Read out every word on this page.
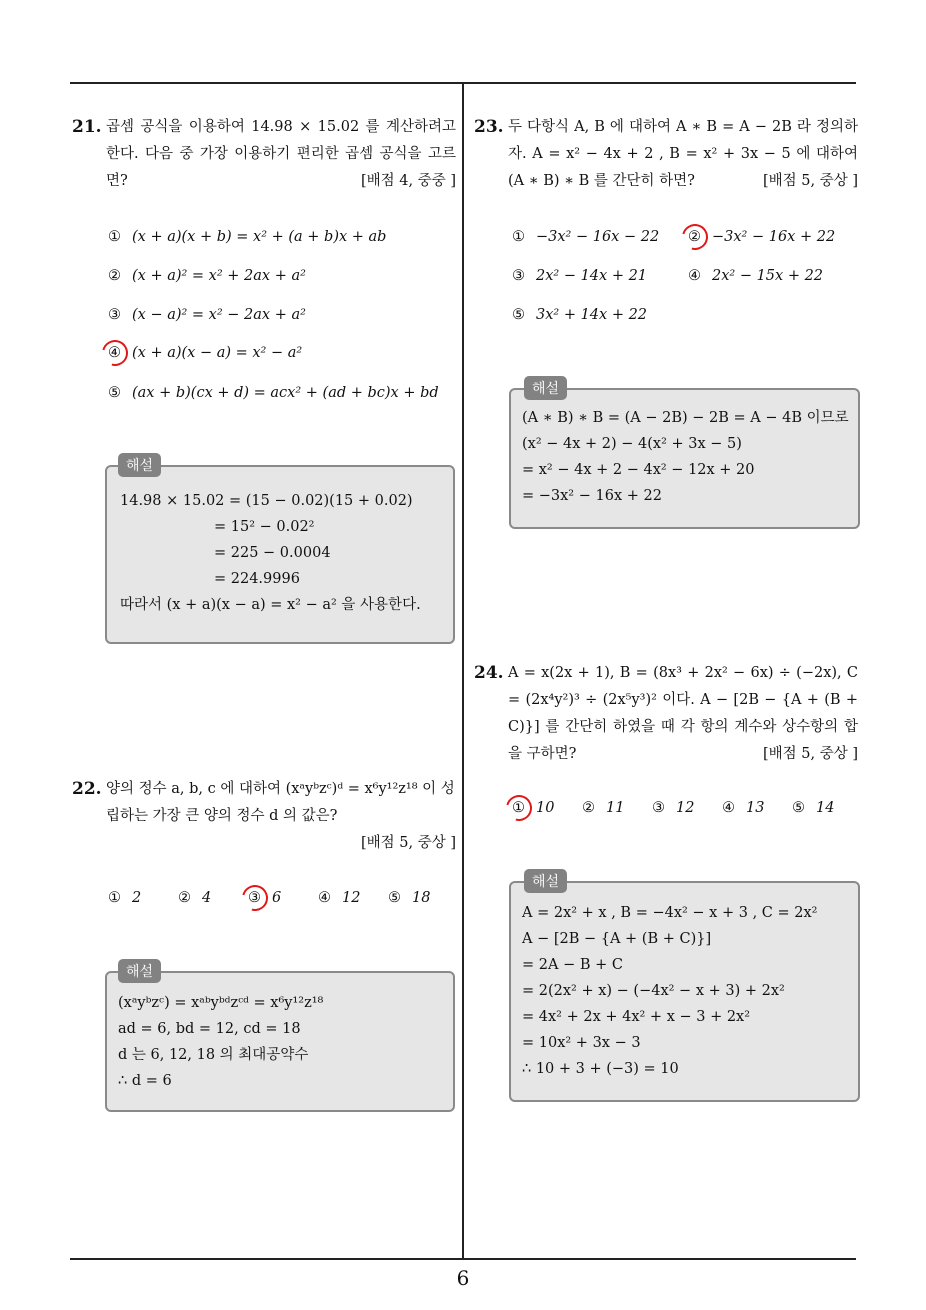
6
21. 곱셈 공식을 이용하여 14.98 × 15.02 를 계산하려고 한다. 다음 중 가장 이용하기 편리한 곱셈 공식을 고르면?	[배점 4, 중중 ]
① (x + a)(x + b) = x² + (a + b)x + ab
② (x + a)² = x² + 2ax + a²
③ (x − a)² = x² − 2ax + a²
④ (x + a)(x − a) = x² − a²
⑤ (ax + b)(cx + d) = acx² + (ad + bc)x + bd
해설
14.98 × 15.02 = (15 − 0.02)(15 + 0.02)
= 15² − 0.02²
= 225 − 0.0004
= 224.9996
따라서 (x + a)(x − a) = x² − a² 을 사용한다.
22. 양의 정수 a, b, c 에 대하여 (xᵃyᵇzᶜ)ᵈ = x⁶y¹²z¹⁸ 이 성립하는 가장 큰 양의 정수 d 의 값은?

[배점 5, 중상 ]
① 2	② 4	③ 6	④ 12 ⑤ 18
해설
(xᵃyᵇzᶜ) = xᵃᵇyᵇᵈzᶜᵈ = x⁶y¹²z¹⁸
ad = 6, bd = 12, cd = 18
d 는 6, 12, 18 의 최대공약수
∴ d = 6
23. 두 다항식 A, B 에 대하여 A ∗ B = A − 2B 라 정의하자. A = x² − 4x + 2 , B = x² + 3x − 5 에 대하여 (A ∗ B) ∗ B 를 간단히 하면?	[배점 5, 중상 ]
① −3x² − 16x − 22 ② −3x² − 16x + 22
③ 2x² − 14x + 21	④ 2x² − 15x + 22
⑤ 3x² + 14x + 22
해설
(A ∗ B) ∗ B = (A − 2B) − 2B = A − 4B 이므로
(x² − 4x + 2) − 4(x² + 3x − 5)
= x² − 4x + 2 − 4x² − 12x + 20
= −3x² − 16x + 22
24. A = x(2x + 1), B = (8x³ + 2x² − 6x) ÷ (−2x), C = (2x⁴y²)³ ÷ (2x⁵y³)² 이다. A − [2B − {A + (B + C)}] 를 간단히 하였을 때 각 항의 계수와 상수항의 합을 구하면?	[배점 5, 중상 ]
① 10 ② 11 ③ 12 ④ 13 ⑤ 14
해설
A = 2x² + x , B = −4x² − x + 3 , C = 2x²
A − [2B − {A + (B + C)}]
= 2A − B + C
= 2(2x² + x) − (−4x² − x + 3) + 2x²
= 4x² + 2x + 4x² + x − 3 + 2x²
= 10x² + 3x − 3
∴ 10 + 3 + (−3) = 10
